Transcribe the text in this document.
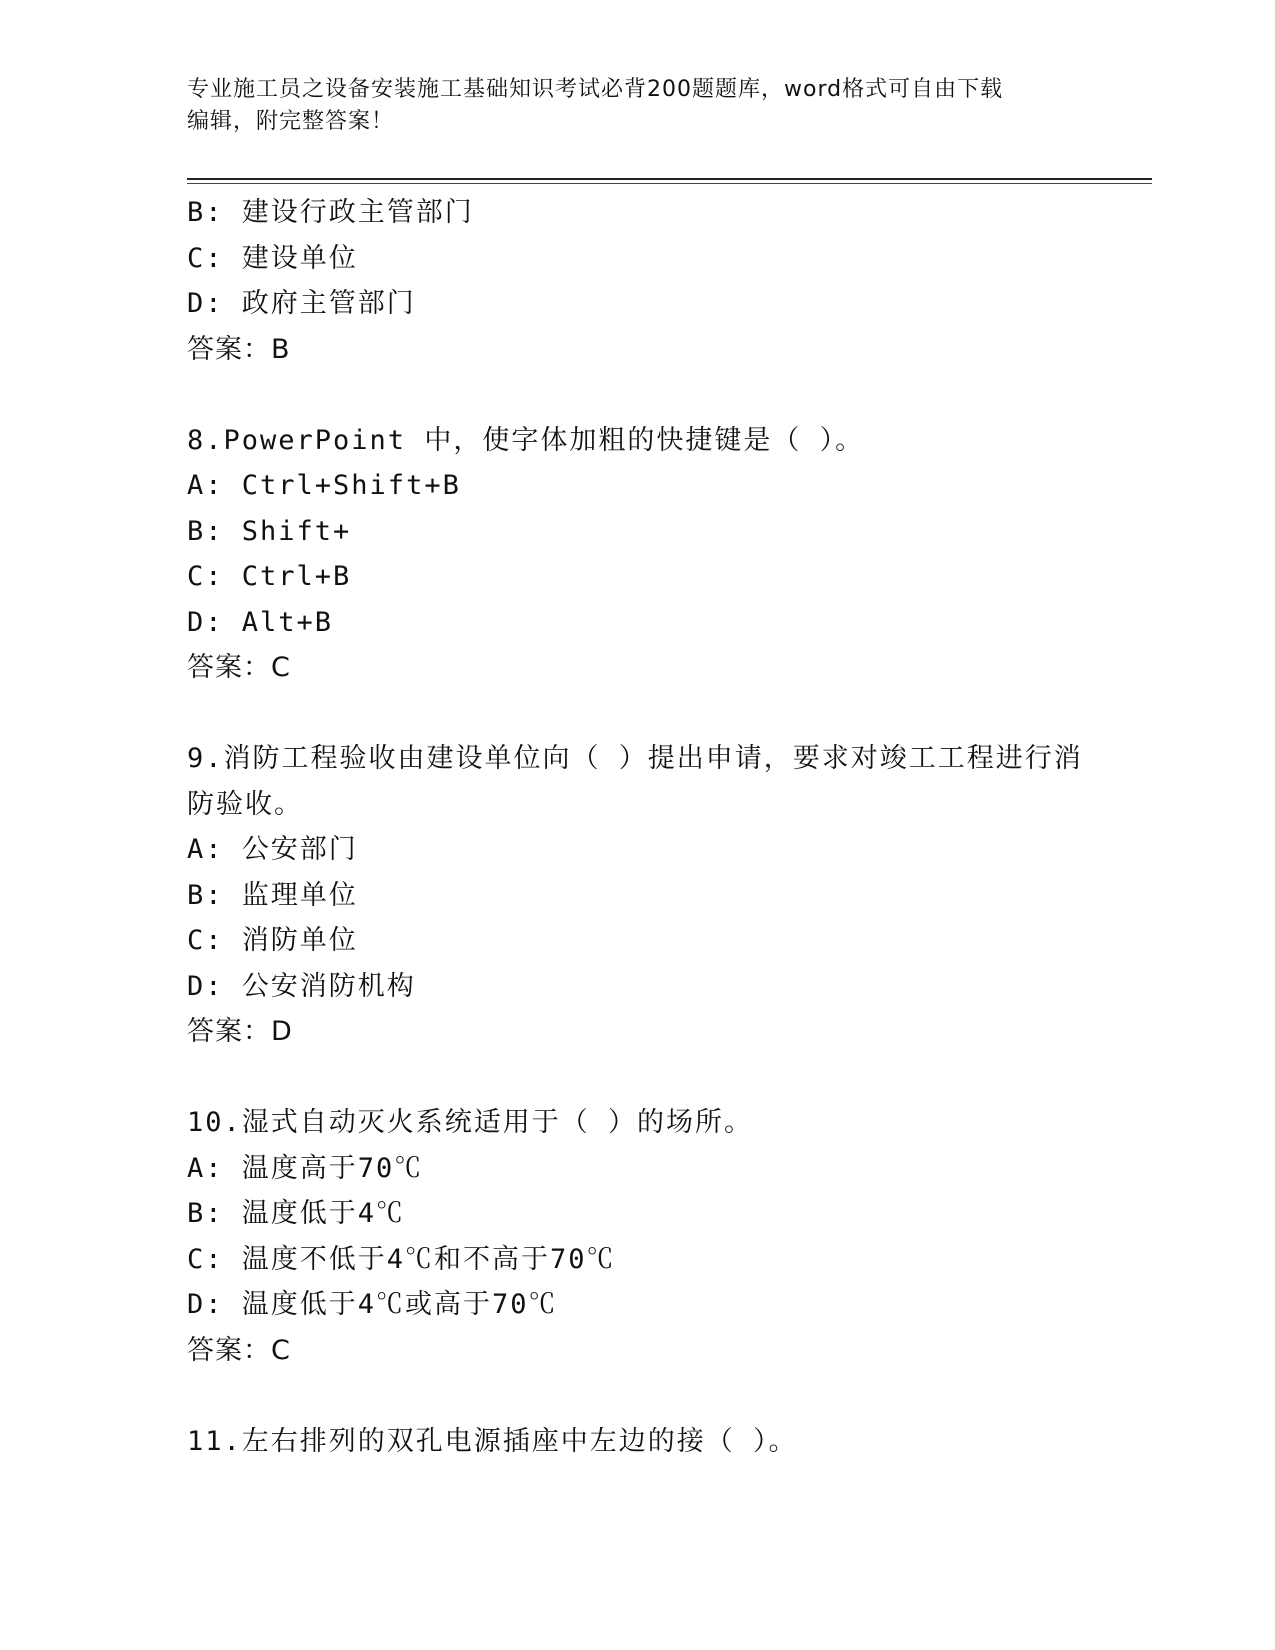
专业施工员之设备安装施工基础知识考试必背200题题库，word格式可自由下载
编辑，附完整答案！
B: 建设行政主管部门
C: 建设单位
D: 政府主管部门
答案：B
8.PowerPoint 中，使字体加粗的快捷键是（ ）。
A: Ctrl+Shift+B
B: Shift+
C: Ctrl+B
D: Alt+B
答案：C
9.消防工程验收由建设单位向（ ）提出申请，要求对竣工工程进行消
防验收。
A: 公安部门
B: 监理单位
C: 消防单位
D: 公安消防机构
答案：D
10.湿式自动灭火系统适用于（ ）的场所。
A: 温度高于70℃
B: 温度低于4℃
C: 温度不低于4℃和不高于70℃
D: 温度低于4℃或高于70℃
答案：C
11.左右排列的双孔电源插座中左边的接（ ）。
